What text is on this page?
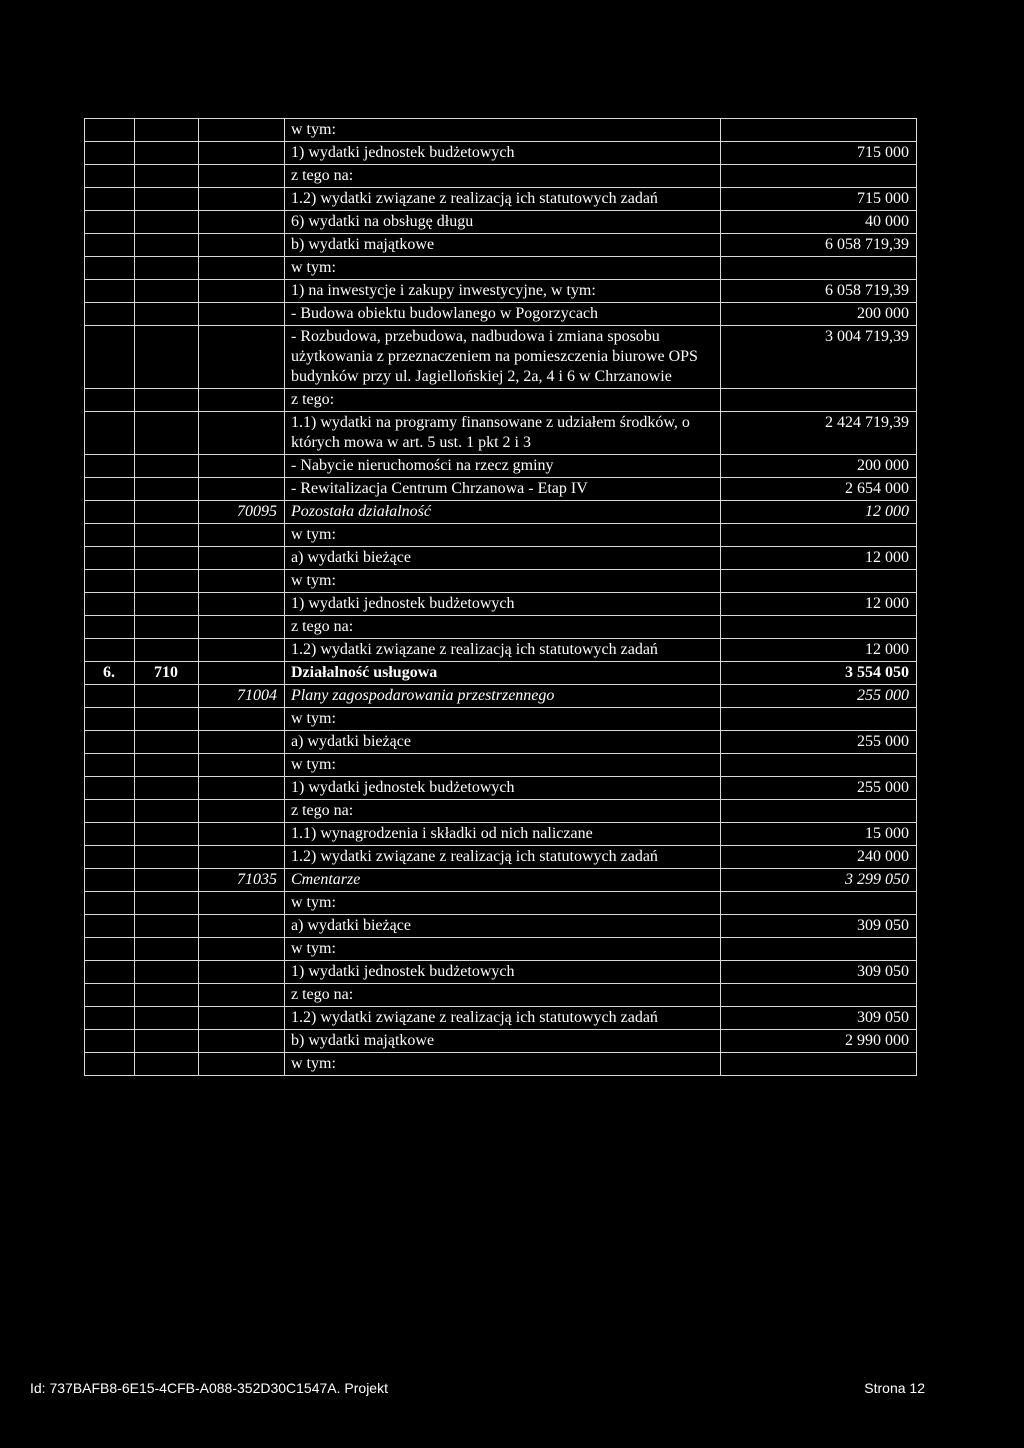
			w tym:	
			1) wydatki jednostek budżetowych	715 000
			z tego na:	
			1.2) wydatki związane z realizacją ich statutowych zadań	715 000
			6) wydatki na obsługę długu	40 000
			b) wydatki majątkowe	6 058 719,39
			w tym:	
			1) na inwestycje i zakupy inwestycyjne, w tym:	6 058 719,39
			- Budowa obiektu budowlanego w Pogorzycach	200 000
			- Rozbudowa, przebudowa, nadbudowa i zmiana sposobu użytkowania z przeznaczeniem na pomieszczenia biurowe OPS budynków przy ul. Jagiellońskiej 2, 2a, 4 i 6 w Chrzanowie	3 004 719,39
			z tego:	
			1.1) wydatki na programy finansowane z udziałem środków, o których mowa w art. 5 ust. 1 pkt 2 i 3	2 424 719,39
			- Nabycie nieruchomości na rzecz gminy	200 000
			- Rewitalizacja Centrum Chrzanowa - Etap IV	2 654 000
		70095	Pozostała działalność	12 000
			w tym:	
			a) wydatki bieżące	12 000
			w tym:	
			1) wydatki jednostek budżetowych	12 000
			z tego na:	
			1.2) wydatki związane z realizacją ich statutowych zadań	12 000
6.	710		Działalność usługowa	3 554 050
		71004	Plany zagospodarowania przestrzennego	255 000
			w tym:	
			a) wydatki bieżące	255 000
			w tym:	
			1) wydatki jednostek budżetowych	255 000
			z tego na:	
			1.1) wynagrodzenia i składki od nich naliczane	15 000
			1.2) wydatki związane z realizacją ich statutowych zadań	240 000
		71035	Cmentarze	3 299 050
			w tym:	
			a) wydatki bieżące	309 050
			w tym:	
			1) wydatki jednostek budżetowych	309 050
			z tego na:	
			1.2) wydatki związane z realizacją ich statutowych zadań	309 050
			b) wydatki majątkowe	2 990 000
			w tym:	
Id: 737BAFB8-6E15-4CFB-A088-352D30C1547A. Projekt	Strona 12
